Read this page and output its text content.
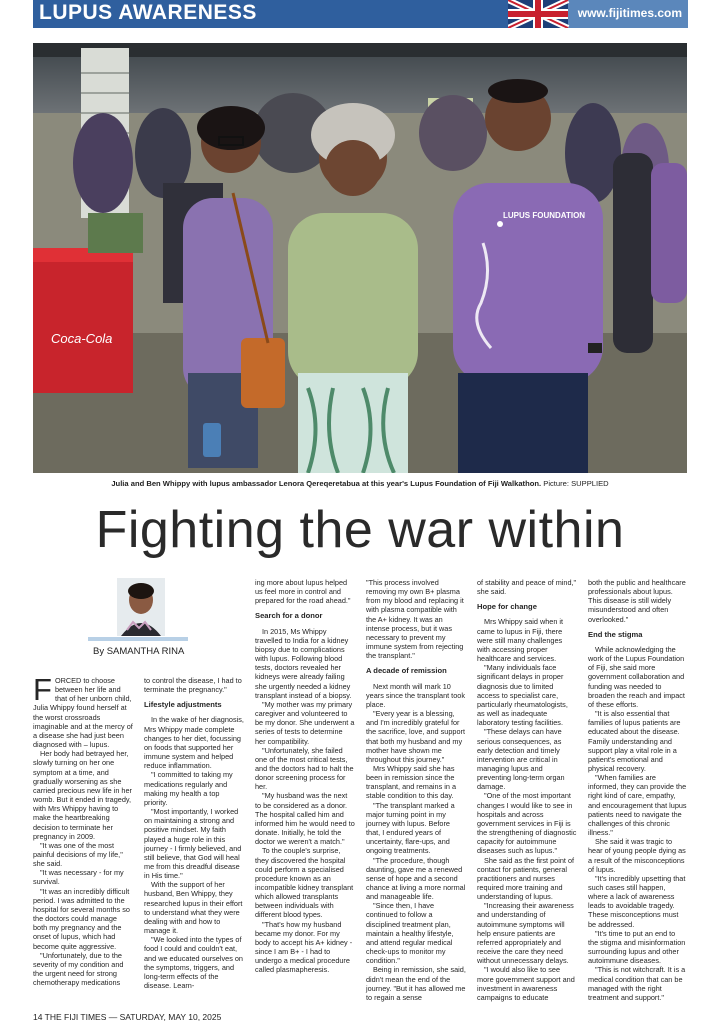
LUPUS AWARENESS	www.fijitimes.com
Coca-Cola
LUPUS FOUNDATION
Julia and Ben Whippy with lupus ambassador Lenora Qereqeretabua at this year's Lupus Foundation of Fiji Walkathon. Picture: SUPPLIED
Fighting the war within
By SAMANTHA RINA

FORCED to choose between her life and that of her unborn child, Julia Whippy found herself at the worst crossroads imaginable and at the mercy of a disease she had just been diagnosed with – lupus.

Her body had betrayed her, slowly turning on her one symptom at a time, and gradually worsening as she carried precious new life in her womb. But it ended in tragedy, with Mrs Whippy having to make the heartbreaking decision to terminate her pregnancy in 2009.

"It was one of the most painful decisions of my life," she said.

"It was necessary - for my survival.

"It was an incredibly difficult period. I was admitted to the hospital for several months so the doctors could manage both my pregnancy and the onset of lupus, which had become quite aggressive.

"Unfortunately, due to the severity of my condition and the urgent need for strong chemotherapy medications

to control the disease, I had to terminate the pregnancy."

Lifestyle adjustments

In the wake of her diagnosis, Mrs Whippy made complete changes to her diet, focussing on foods that supported her immune system and helped reduce inflammation.

"I committed to taking my medications regularly and making my health a top priority.

"Most importantly, I worked on maintaining a strong and positive mindset. My faith played a huge role in this journey - I firmly believed, and still believe, that God will heal me from this dreadful disease in His time."

With the support of her husband, Ben Whippy, they researched lupus in their effort to understand what they were dealing with and how to manage it.

"We looked into the types of food I could and couldn't eat, and we educated ourselves on the symptoms, triggers, and long-term effects of the disease. Learn-

ing more about lupus helped us feel more in control and prepared for the road ahead."

Search for a donor

In 2015, Ms Whippy travelled to India for a kidney biopsy due to complications with lupus. Following blood tests, doctors revealed her kidneys were already failing she urgently needed a kidney transplant instead of a biopsy.

"My mother was my primary caregiver and volunteered to be my donor. She underwent a series of tests to determine her compatibility.

"Unfortunately, she failed one of the most critical tests, and the doctors had to halt the donor screening process for her.

"My husband was the next to be considered as a donor. The hospital called him and informed him he would need to donate. Initially, he told the doctor we weren't a match."

To the couple's surprise, they discovered the hospital could perform a specialised procedure known as an incompatible kidney transplant which allowed transplants between individuals with different blood types.

"That's how my husband became my donor. For my body to accept his A+ kidney - since I am B+ - I had to undergo a medical procedure called plasmapheresis.

"This process involved removing my own B+ plasma from my blood and replacing it with plasma compatible with the A+ kidney. It was an intense process, but it was necessary to prevent my immune system from rejecting the transplant."

A decade of remission

Next month will mark 10 years since the transplant took place.

"Every year is a blessing, and I'm incredibly grateful for the sacrifice, love, and support that both my husband and my mother have shown me throughout this journey."

Mrs Whippy said she has been in remission since the transplant, and remains in a stable condition to this day.

"The transplant marked a major turning point in my journey with lupus. Before that, I endured years of uncertainty, flare-ups, and ongoing treatments.

"The procedure, though daunting, gave me a renewed sense of hope and a second chance at living a more normal and manageable life.

"Since then, I have continued to follow a disciplined treatment plan, maintain a healthy lifestyle, and attend regular medical check-ups to monitor my condition."

Being in remission, she said, didn't mean the end of the journey. "But it has allowed me to regain a sense

of stability and peace of mind," she said.

Hope for change

Mrs Whippy said when it came to lupus in Fiji, there were still many challenges with accessing proper healthcare and services.

"Many individuals face significant delays in proper diagnosis due to limited access to specialist care, particularly rheumatologists, as well as inadequate laboratory testing facilities.

"These delays can have serious consequences, as early detection and timely intervention are critical in managing lupus and preventing long-term organ damage.

"One of the most important changes I would like to see in hospitals and across government services in Fiji is the strengthening of diagnostic capacity for autoimmune diseases such as lupus."

She said as the first point of contact for patients, general practitioners and nurses required more training and understanding of lupus.

"Increasing their awareness and understanding of autoimmune symptoms will help ensure patients are referred appropriately and receive the care they need without unnecessary delays.

"I would also like to see more government support and investment in awareness campaigns to educate

both the public and healthcare professionals about lupus. This disease is still widely misunderstood and often overlooked."

End the stigma

While acknowledging the work of the Lupus Foundation of Fiji, she said more government collaboration and funding was needed to broaden the reach and impact of these efforts.

"It is also essential that families of lupus patients are educated about the disease. Family understanding and support play a vital role in a patient's emotional and physical recovery.

"When families are informed, they can provide the right kind of care, empathy, and encouragement that lupus patients need to navigate the challenges of this chronic illness."

She said it was tragic to hear of young people dying as a result of the misconceptions of lupus.

"It's incredibly upsetting that such cases still happen, where a lack of awareness leads to avoidable tragedy. These misconceptions must be addressed.

"It's time to put an end to the stigma and misinformation surrounding lupus and other autoimmune diseases.

"This is not witchcraft. It is a medical condition that can be managed with the right treatment and support."

14 THE FIJI TIMES — SATURDAY, MAY 10, 2025
